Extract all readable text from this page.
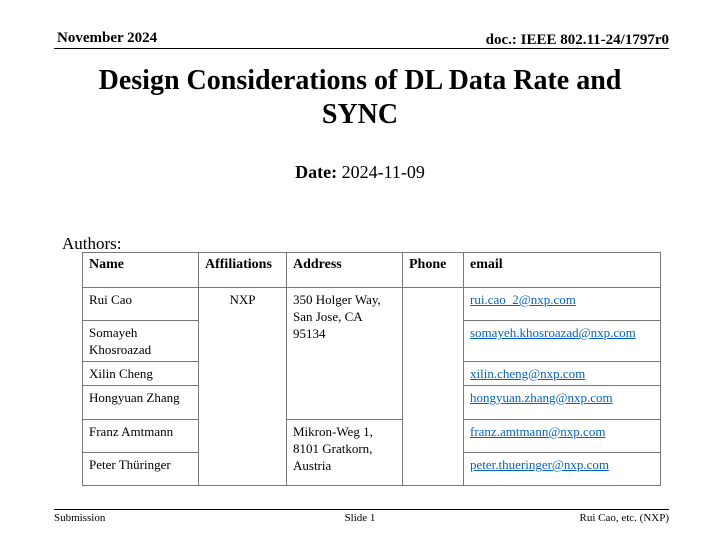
November 2024	doc.: IEEE 802.11-24/1797r0
Design Considerations of DL Data Rate and SYNC
Date: 2024-11-09
Authors:
Name	Affiliations	Address	Phone	email
Rui Cao	NXP	350 Holger Way, San Jose, CA 95134		rui.cao_2@nxp.com
Somayeh Khosroazad				somayeh.khosroazad@nxp.com
Xilin Cheng				xilin.cheng@nxp.com
Hongyuan Zhang				hongyuan.zhang@nxp.com
Franz Amtmann		Mikron-Weg 1, 8101 Gratkorn, Austria		franz.amtmann@nxp.com
Peter Thüringer				peter.thueringer@nxp.com
Submission	Slide 1	Rui Cao, etc. (NXP)
